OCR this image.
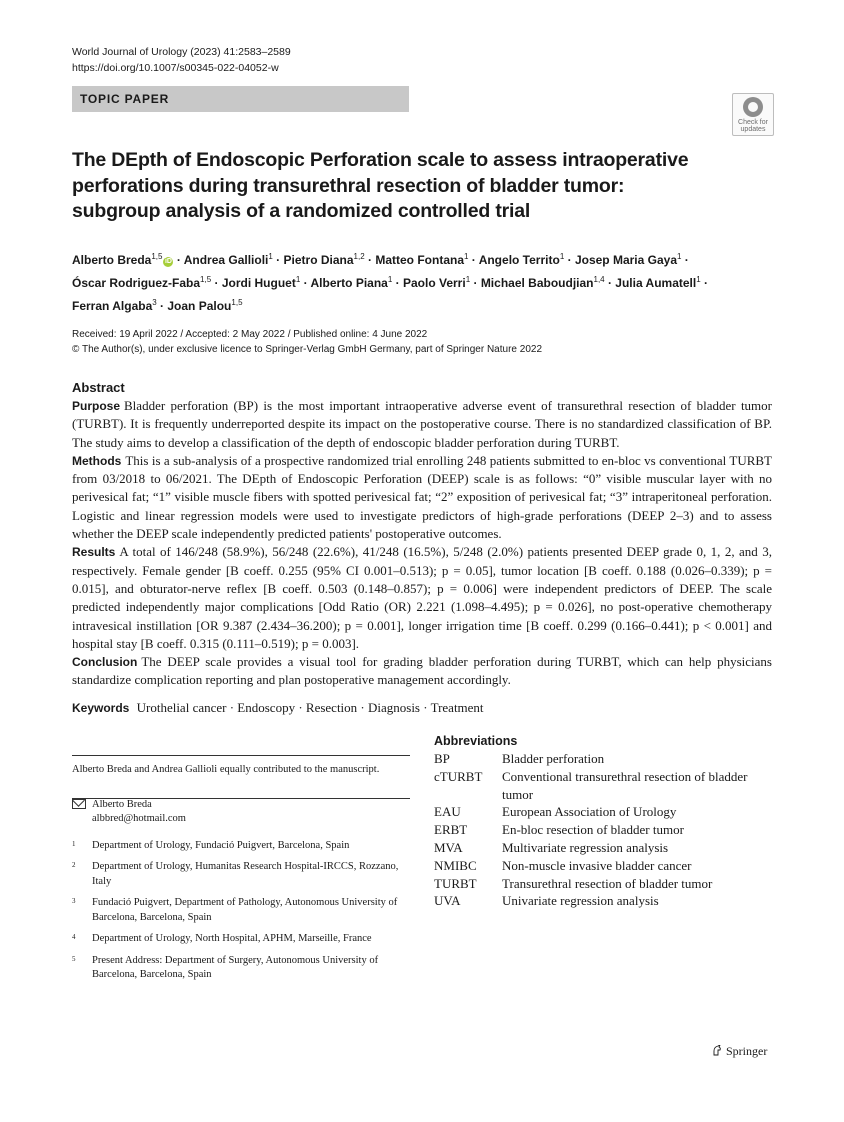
World Journal of Urology (2023) 41:2583–2589
https://doi.org/10.1007/s00345-022-04052-w
TOPIC PAPER
Check for
updates
The DEpth of Endoscopic Perforation scale to assess intraoperative perforations during transurethral resection of bladder tumor: subgroup analysis of a randomized controlled trial
Alberto Breda$^{1,5}$iD · Andrea Gallioli$^1$ · Pietro Diana$^{1,2}$ · Matteo Fontana$^1$ · Angelo Territo$^1$ · Josep Maria Gaya$^1$ ·
Óscar Rodriguez-Faba$^{1,5}$ · Jordi Huguet$^1$ · Alberto Piana$^1$ · Paolo Verri$^1$ · Michael Baboudjian$^{1,4}$ · Julia Aumatell$^1$ ·
Ferran Algaba$^3$ · Joan Palou$^{1,5}$
Received: 19 April 2022 / Accepted: 2 May 2022 / Published online: 4 June 2022
© The Author(s), under exclusive licence to Springer-Verlag GmbH Germany, part of Springer Nature 2022
Abstract

Purpose Bladder perforation (BP) is the most important intraoperative adverse event of transurethral resection of bladder tumor (TURBT). It is frequently underreported despite its impact on the postoperative course. There is no standardized classification of BP. The study aims to develop a classification of the depth of endoscopic bladder perforation during TURBT.

Methods This is a sub-analysis of a prospective randomized trial enrolling 248 patients submitted to en-bloc vs conventional TURBT from 03/2018 to 06/2021. The DEpth of Endoscopic Perforation (DEEP) scale is as follows: “0” visible muscular layer with no perivesical fat; “1” visible muscle fibers with spotted perivesical fat; “2” exposition of perivesical fat; “3” intraperitoneal perforation. Logistic and linear regression models were used to investigate predictors of high-grade perforations (DEEP 2–3) and to assess whether the DEEP scale independently predicted patients' postoperative outcomes.

Results A total of 146/248 (58.9%), 56/248 (22.6%), 41/248 (16.5%), 5/248 (2.0%) patients presented DEEP grade 0, 1, 2, and 3, respectively. Female gender [B coeff. 0.255 (95% CI 0.001–0.513); p = 0.05], tumor location [B coeff. 0.188 (0.026–0.339); p = 0.015], and obturator-nerve reflex [B coeff. 0.503 (0.148–0.857); p = 0.006] were independent predictors of DEEP. The scale predicted independently major complications [Odd Ratio (OR) 2.221 (1.098–4.495); p = 0.026], no post-operative chemotherapy intravesical instillation [OR 9.387 (2.434–36.200); p = 0.001], longer irrigation time [B coeff. 0.299 (0.166–0.441); p < 0.001] and hospital stay [B coeff. 0.315 (0.111–0.519); p = 0.003].

Conclusion The DEEP scale provides a visual tool for grading bladder perforation during TURBT, which can help physicians standardize complication reporting and plan postoperative management accordingly.

Keywords Urothelial cancer · Endoscopy · Resection · Diagnosis · Treatment

Alberto Breda and Andrea Gallioli equally contributed to the manuscript.

Alberto Breda
albbred@hotmail.com
1 Department of Urology, Fundació Puigvert, Barcelona, Spain
2 Department of Urology, Humanitas Research Hospital-IRCCS, Rozzano, Italy
3 Fundació Puigvert, Department of Pathology, Autonomous University of Barcelona, Barcelona, Spain
4 Department of Urology, North Hospital, APHM, Marseille, France
5 Present Address: Department of Surgery, Autonomous University of Barcelona, Barcelona, Spain
Abbreviations
BP	Bladder perforation
cTURBT	Conventional transurethral resection of bladder tumor
EAU	European Association of Urology
ERBT	En-bloc resection of bladder tumor
MVA	Multivariate regression analysis
NMIBC	Non-muscle invasive bladder cancer
TURBT	Transurethral resection of bladder tumor
UVA	Univariate regression analysis
Springer
